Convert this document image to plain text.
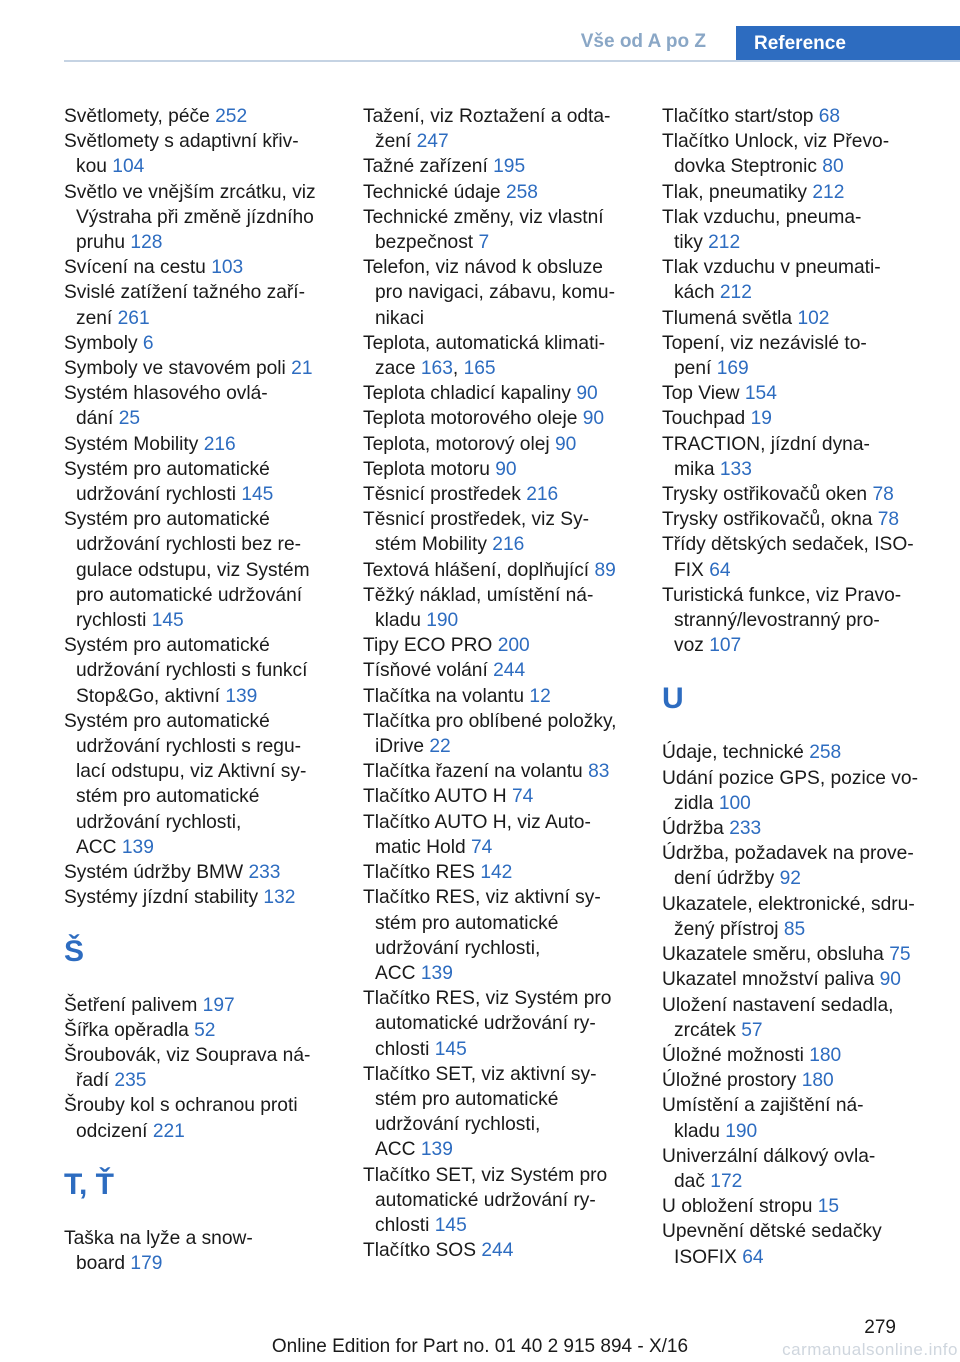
Vše od A po Z	Reference
Světlomety, péče 252
Světlomety s adaptivní křiv-
kou 104
Světlo ve vnějším zrcátku, viz
Výstraha při změně jízdního
pruhu 128
Svícení na cestu 103
Svislé zatížení tažného zaří-
zení 261
Symboly 6
Symboly ve stavovém poli 21
Systém hlasového ovlá-
dání 25
Systém Mobility 216
Systém pro automatické
udržování rychlosti 145
Systém pro automatické
udržování rychlosti bez re-
gulace odstupu, viz Systém
pro automatické udržování
rychlosti 145
Systém pro automatické
udržování rychlosti s funkcí
Stop&Go, aktivní 139
Systém pro automatické
udržování rychlosti s regu-
lací odstupu, viz Aktivní sy-
stém pro automatické
udržování rychlosti,
ACC 139
Systém údržby BMW 233
Systémy jízdní stability 132
Š
Šetření palivem 197
Šířka opěradla 52
Šroubovák, viz Souprava ná-
řadí 235
Šrouby kol s ochranou proti
odcizení 221
T, Ť
Taška na lyže a snow-
board 179
Tažení, viz Roztažení a odta-
žení 247
Tažné zařízení 195
Technické údaje 258
Technické změny, viz vlastní
bezpečnost 7
Telefon, viz návod k obsluze
pro navigaci, zábavu, komu-
nikaci
Teplota, automatická klimati-
zace 163, 165
Teplota chladicí kapaliny 90
Teplota motorového oleje 90
Teplota, motorový olej 90
Teplota motoru 90
Těsnicí prostředek 216
Těsnicí prostředek, viz Sy-
stém Mobility 216
Textová hlášení, doplňující 89
Těžký náklad, umístění ná-
kladu 190
Tipy ECO PRO 200
Tísňové volání 244
Tlačítka na volantu 12
Tlačítka pro oblíbené položky,
iDrive 22
Tlačítka řazení na volantu 83
Tlačítko AUTO H 74
Tlačítko AUTO H, viz Auto-
matic Hold 74
Tlačítko RES 142
Tlačítko RES, viz aktivní sy-
stém pro automatické
udržování rychlosti,
ACC 139
Tlačítko RES, viz Systém pro
automatické udržování ry-
chlosti 145
Tlačítko SET, viz aktivní sy-
stém pro automatické
udržování rychlosti,
ACC 139
Tlačítko SET, viz Systém pro
automatické udržování ry-
chlosti 145
Tlačítko SOS 244
Tlačítko start/stop 68
Tlačítko Unlock, viz Převo-
dovka Steptronic 80
Tlak, pneumatiky 212
Tlak vzduchu, pneuma-
tiky 212
Tlak vzduchu v pneumati-
kách 212
Tlumená světla 102
Topení, viz nezávislé to-
pení 169
Top View 154
Touchpad 19
TRACTION, jízdní dyna-
mika 133
Trysky ostřikovačů oken 78
Trysky ostřikovačů, okna 78
Třídy dětských sedaček, ISO-
FIX 64
Turistická funkce, viz Pravo-
stranný/levostranný pro-
voz 107
U
Údaje, technické 258
Udání pozice GPS, pozice vo-
zidla 100
Údržba 233
Údržba, požadavek na prove-
dení údržby 92
Ukazatele, elektronické, sdru-
žený přístroj 85
Ukazatele směru, obsluha 75
Ukazatel množství paliva 90
Uložení nastavení sedadla,
zrcátek 57
Úložné možnosti 180
Úložné prostory 180
Umístění a zajištění ná-
kladu 190
Univerzální dálkový ovla-
dač 172
U obložení stropu 15
Upevnění dětské sedačky
ISOFIX 64
279
Online Edition for Part no. 01 40 2 915 894 - X/16	carmanualsonline.info
